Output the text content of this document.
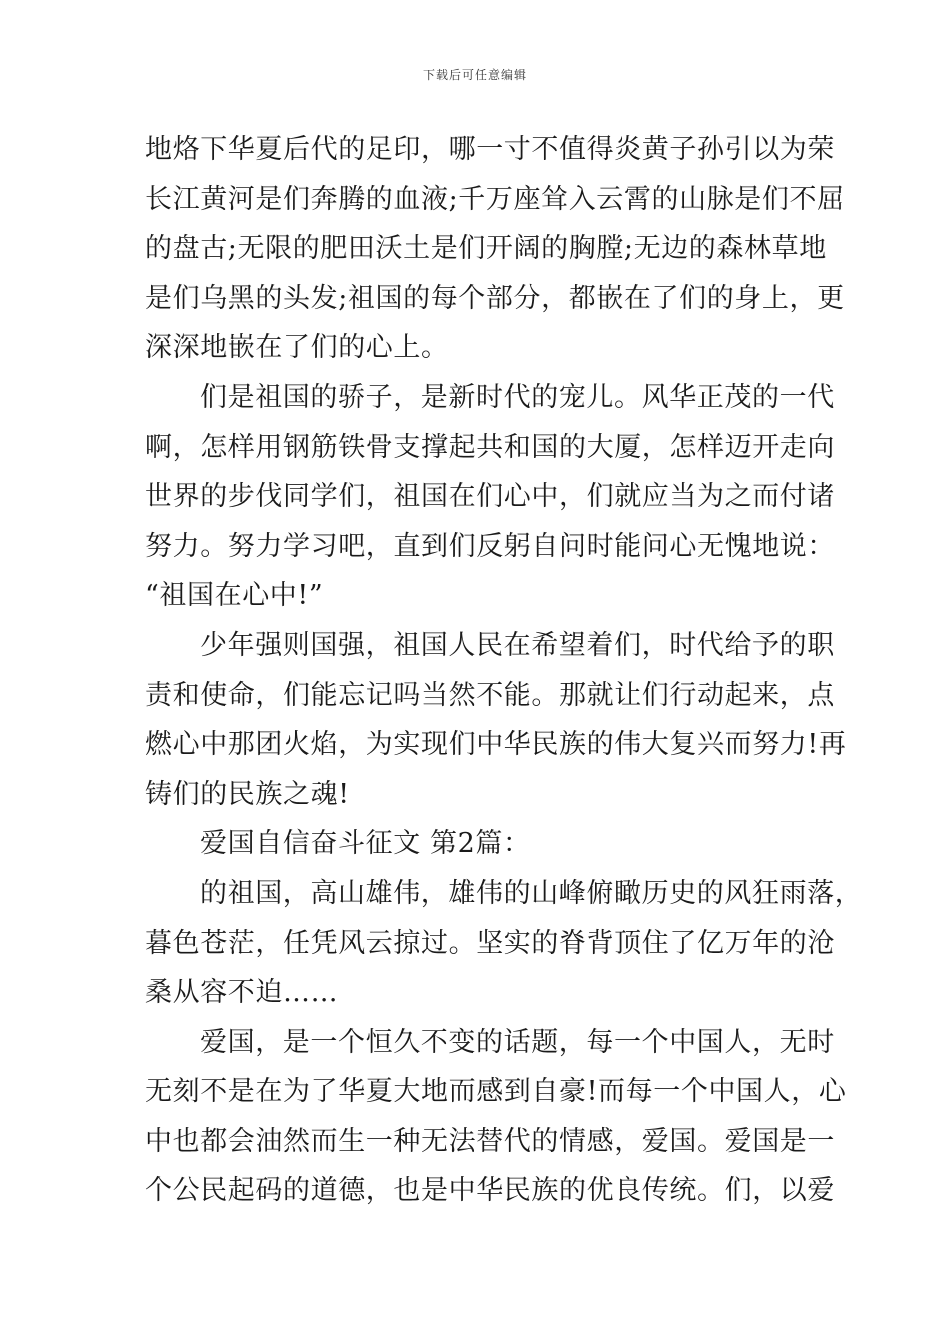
下载后可任意编辑
地烙下华夏后代的足印，哪一寸不值得炎黄子孙引以为荣
长江黄河是们奔腾的血液;千万座耸入云霄的山脉是们不屈
的盘古;无限的肥田沃土是们开阔的胸膛;无边的森林草地
是们乌黑的头发;祖国的每个部分，都嵌在了们的身上，更
深深地嵌在了们的心上。
们是祖国的骄子，是新时代的宠儿。风华正茂的一代
啊，怎样用钢筋铁骨支撑起共和国的大厦，怎样迈开走向
世界的步伐同学们，祖国在们心中，们就应当为之而付诸
努力。努力学习吧，直到们反躬自问时能问心无愧地说：
“祖国在心中!”
少年强则国强，祖国人民在希望着们，时代给予的职
责和使命，们能忘记吗当然不能。那就让们行动起来，点
燃心中那团火焰，为实现们中华民族的伟大复兴而努力!再
铸们的民族之魂!
爱国自信奋斗征文 第2篇：
的祖国，高山雄伟，雄伟的山峰俯瞰历史的风狂雨落，
暮色苍茫，任凭风云掠过。坚实的脊背顶住了亿万年的沧
桑从容不迫……
爱国，是一个恒久不变的话题，每一个中国人，无时
无刻不是在为了华夏大地而感到自豪!而每一个中国人，心
中也都会油然而生一种无法替代的情感，爱国。爱国是一
个公民起码的道德，也是中华民族的优良传统。们，以爱
